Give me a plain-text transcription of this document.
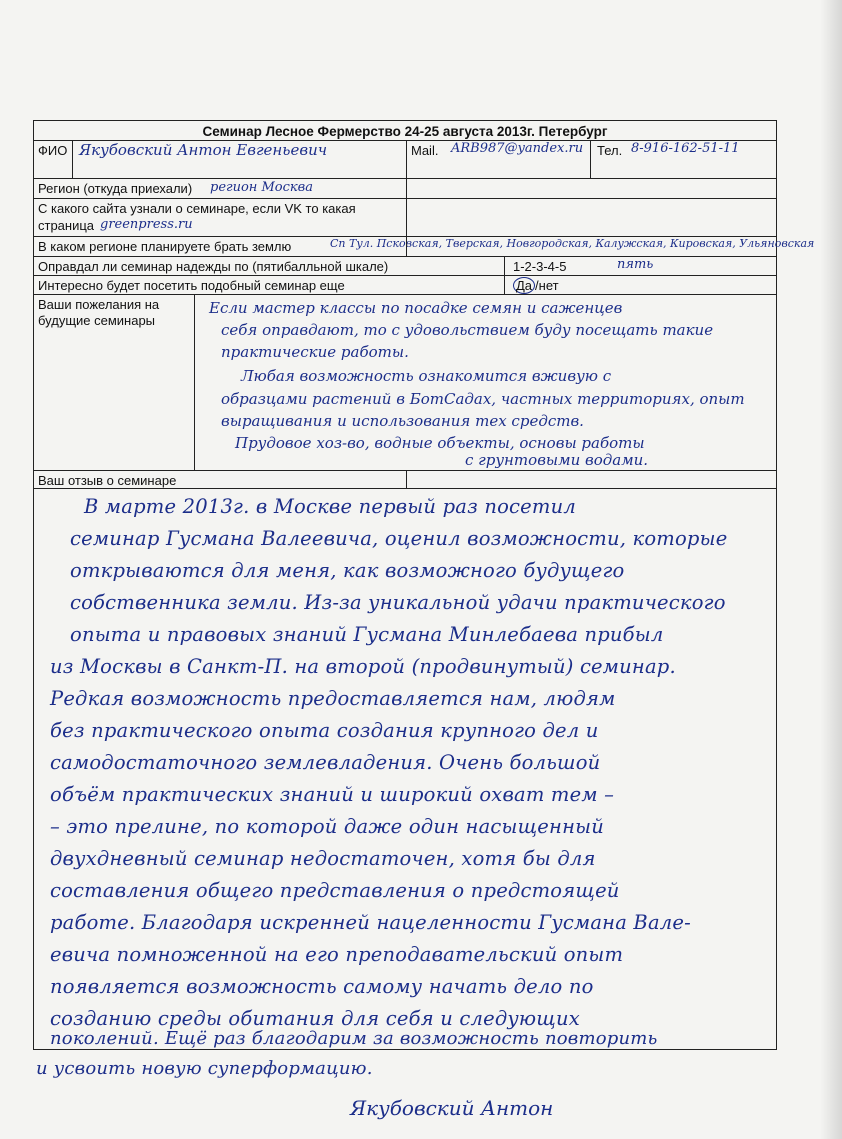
Семинар Лесное Фермерство 24-25 августа 2013г. Петербург
ФИО Якубовский Антон Евгеньевич	Mail. ARB987@yandex.ru	Тел. 8-916-162-51-11
Регион (откуда приехали)	регион Москва
С какого сайта узнали о семинаре, если VK то какая
страница greenpress.ru
В каком регионе планируете брать землю	Сп Тул. Псковская, Тверская, Новгородская, Калужская, Кировская, Ульяновская
Оправдал ли семинар надежды по (пятибалльной шкале)	1-2-3-4-5	пять
Интересно будет посетить подобный семинар еще	Да /нет
Ваши пожелания на
будущие семинары
Если мастер классы по посадке семян и саженцев
себя оправдают, то с удовольствием буду посещать такие
практические работы.
Любая возможность ознакомится вживую с
образцами растений в БотСадах, частных территориях, опыт
выращивания и использования тех средств.
Прудовое хоз-во, водные объекты, основы работы
с грунтовыми водами.
Ваш отзыв о семинаре
В марте 2013г. в Москве первый раз посетил
семинар Гусмана Валеевича, оценил возможности, которые
открываются для меня, как возможного будущего
собственника земли. Из-за уникальной удачи практического
опыта и правовых знаний Гусмана Минлебаева прибыл
из Москвы в Санкт-П. на второй (продвинутый) семинар.
Редкая возможность предоставляется нам, людям
без практического опыта создания крупного дел и
самодостаточного землевладения. Очень большой
объём практических знаний и широкий охват тем –
– это прелине, по которой даже один насыщенный
двухдневный семинар недостаточен, хотя бы для
составления общего представления о предстоящей
работе. Благодаря искренней нацеленности Гусмана Вале-
евича помноженной на его преподавательский опыт
появляется возможность самому начать дело по
созданию среды обитания для себя и следующих
поколений. Ещё раз благодарим за возможность повторить
и усвоить новую суперформацию.
Якубовский Антон
